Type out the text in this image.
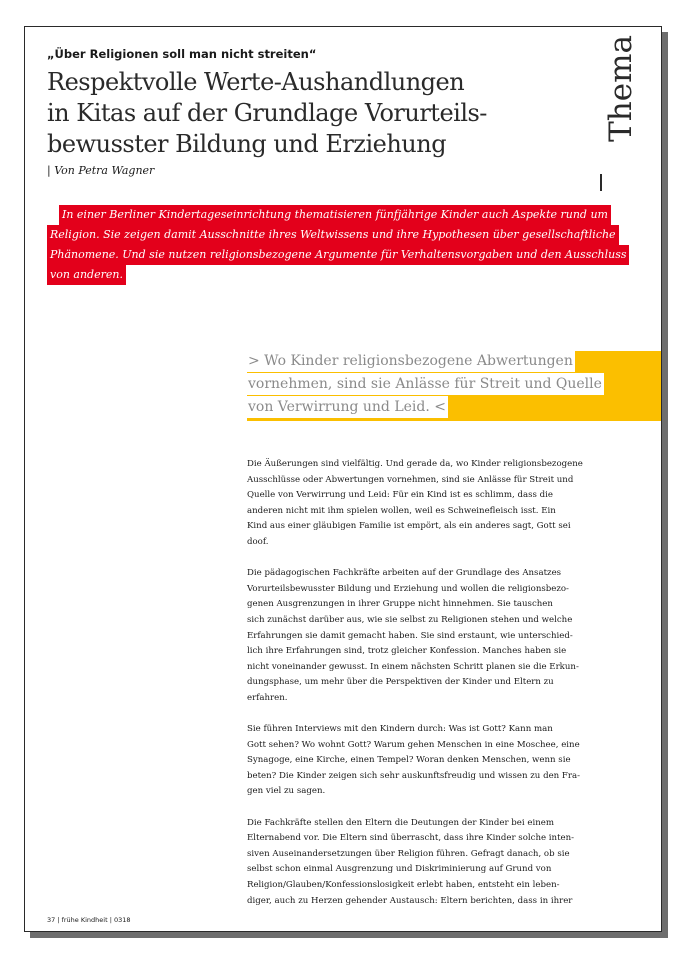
„Über Religionen soll man nicht streiten“
Respektvolle Werte-Aushandlungen
in Kitas auf der Grundlage Vorurteils-
bewusster Bildung und Erziehung
| Von Petra Wagner
Thema

In einer Berliner Kindertageseinrichtung thematisieren fünfjährige Kinder auch Aspekte rund um
Religion. Sie zeigen damit Ausschnitte ihres Weltwissens und ihre Hypothesen über gesellschaftliche
Phänomene. Und sie nutzen religionsbezogene Argumente für Verhaltensvorgaben und den Ausschluss
von anderen.

> Wo Kinder religionsbezogene Abwertungen
vornehmen, sind sie Anlässe für Streit und Quelle
von Verwirrung und Leid. <

Die Äußerungen sind vielfältig. Und gerade da, wo Kinder religionsbezogene
Ausschlüsse oder Abwertungen vornehmen, sind sie Anlässe für Streit und
Quelle von Verwirrung und Leid: Für ein Kind ist es schlimm, dass die
anderen nicht mit ihm spielen wollen, weil es Schweinefleisch isst. Ein
Kind aus einer gläubigen Familie ist empört, als ein anderes sagt, Gott sei
doof.

Die pädagogischen Fachkräfte arbeiten auf der Grundlage des Ansatzes
Vorurteilsbewusster Bildung und Erziehung und wollen die religionsbezo-
genen Ausgrenzungen in ihrer Gruppe nicht hinnehmen. Sie tauschen
sich zunächst darüber aus, wie sie selbst zu Religionen stehen und welche
Erfahrungen sie damit gemacht haben. Sie sind erstaunt, wie unterschied-
lich ihre Erfahrungen sind, trotz gleicher Konfession. Manches haben sie
nicht voneinander gewusst. In einem nächsten Schritt planen sie die Erkun-
dungsphase, um mehr über die Perspektiven der Kinder und Eltern zu
erfahren.

Sie führen Interviews mit den Kindern durch: Was ist Gott? Kann man
Gott sehen? Wo wohnt Gott? Warum gehen Menschen in eine Moschee, eine
Synagoge, eine Kirche, einen Tempel? Woran denken Menschen, wenn sie
beten? Die Kinder zeigen sich sehr auskunftsfreudig und wissen zu den Fra-
gen viel zu sagen.

Die Fachkräfte stellen den Eltern die Deutungen der Kinder bei einem
Elternabend vor. Die Eltern sind überrascht, dass ihre Kinder solche inten-
siven Auseinandersetzungen über Religion führen. Gefragt danach, ob sie
selbst schon einmal Ausgrenzung und Diskriminierung auf Grund von
Religion/Glauben/Konfessionslosigkeit erlebt haben, entsteht ein leben-
diger, auch zu Herzen gehender Austausch: Eltern berichten, dass in ihrer

37 | frühe Kindheit | 0318
